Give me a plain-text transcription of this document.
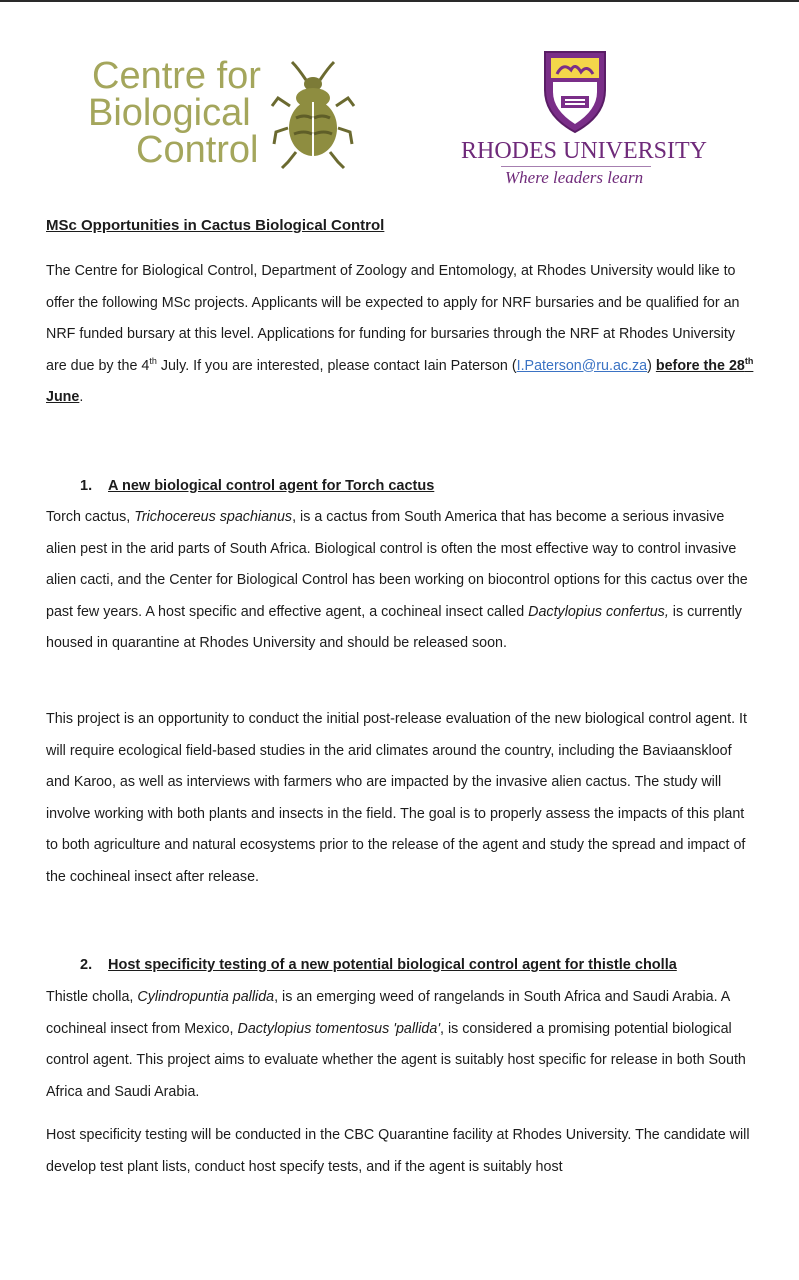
Centre for
Biological
Control	RHODES UNIVERSITY
Where leaders learn
MSc Opportunities in Cactus Biological Control
The Centre for Biological Control, Department of Zoology and Entomology, at Rhodes University would like to offer the following MSc projects. Applicants will be expected to apply for NRF bursaries and be qualified for an NRF funded bursary at this level. Applications for funding for bursaries through the NRF at Rhodes University are due by the 4th July. If you are interested, please contact Iain Paterson (I.Paterson@ru.ac.za) before the 28th June.
1. A new biological control agent for Torch cactus
Torch cactus, Trichocereus spachianus, is a cactus from South America that has become a serious invasive alien pest in the arid parts of South Africa. Biological control is often the most effective way to control invasive alien cacti, and the Center for Biological Control has been working on biocontrol options for this cactus over the past few years. A host specific and effective agent, a cochineal insect called Dactylopius confertus, is currently housed in quarantine at Rhodes University and should be released soon.
This project is an opportunity to conduct the initial post-release evaluation of the new biological control agent. It will require ecological field-based studies in the arid climates around the country, including the Baviaanskloof and Karoo, as well as interviews with farmers who are impacted by the invasive alien cactus. The study will involve working with both plants and insects in the field. The goal is to properly assess the impacts of this plant to both agriculture and natural ecosystems prior to the release of the agent and study the spread and impact of the cochineal insect after release.
2. Host specificity testing of a new potential biological control agent for thistle cholla
Thistle cholla, Cylindropuntia pallida, is an emerging weed of rangelands in South Africa and Saudi Arabia. A cochineal insect from Mexico, Dactylopius tomentosus 'pallida', is considered a promising potential biological control agent. This project aims to evaluate whether the agent is suitably host specific for release in both South Africa and Saudi Arabia.
Host specificity testing will be conducted in the CBC Quarantine facility at Rhodes University. The candidate will develop test plant lists, conduct host specify tests, and if the agent is suitably host
